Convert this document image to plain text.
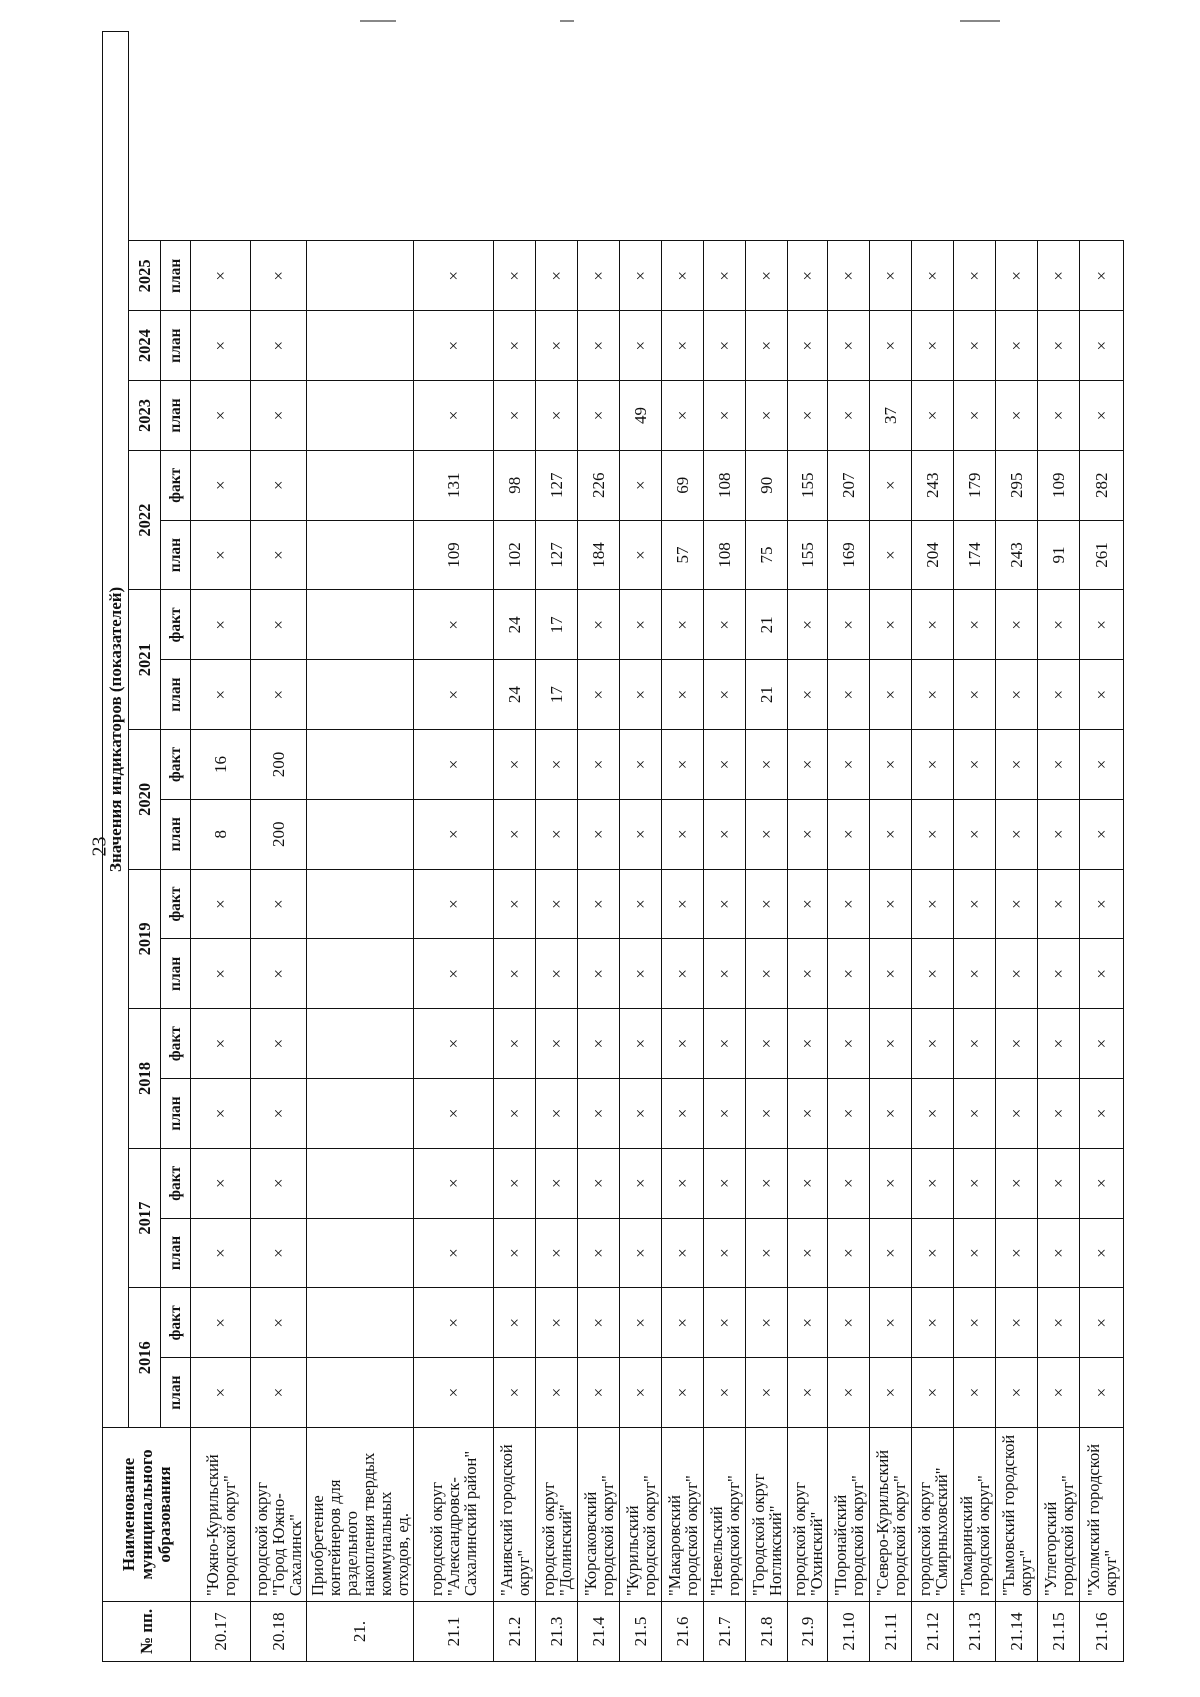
23
№ пп.	Наименование муниципального образования	Значения индикаторов (показателей)																
		2016		2017		2018		2019		2020		2021		2022		2023	2024	2025
		план	факт	план	факт	план	факт	план	факт	план	факт	план	факт	план	факт	план	план	план
20.17	"Южно-Курильский городской округ"	×	×	×	×	×	×	×	×	8	16	×	×	×	×	×	×	×
20.18	городской округ "Город Южно-Сахалинск"	×	×	×	×	×	×	×	×	200	200	×	×	×	×	×	×	×
21.	Приобретение контейнеров для раздельного накопления твердых коммунальных отходов, ед.																	
21.1	городской округ "Александровск-Сахалинский район"	×	×	×	×	×	×	×	×	×	×	×	×	109	131	×	×	×
21.2	"Анивский городской округ"	×	×	×	×	×	×	×	×	×	×	24	24	102	98	×	×	×
21.3	городской округ "Долинский"	×	×	×	×	×	×	×	×	×	×	17	17	127	127	×	×	×
21.4	"Корсаковский городской округ"	×	×	×	×	×	×	×	×	×	×	×	×	184	226	×	×	×
21.5	"Курильский городской округ"	×	×	×	×	×	×	×	×	×	×	×	×	×	×	49	×	×
21.6	"Макаровский городской округ"	×	×	×	×	×	×	×	×	×	×	×	×	57	69	×	×	×
21.7	"Невельский городской округ"	×	×	×	×	×	×	×	×	×	×	×	×	108	108	×	×	×
21.8	"Городской округ Ногликский"	×	×	×	×	×	×	×	×	×	×	21	21	75	90	×	×	×
21.9	городской округ "Охинский"	×	×	×	×	×	×	×	×	×	×	×	×	155	155	×	×	×
21.10	"Поронайский городской округ"	×	×	×	×	×	×	×	×	×	×	×	×	169	207	×	×	×
21.11	"Северо-Курильский городской округ"	×	×	×	×	×	×	×	×	×	×	×	×	×	×	37	×	×
21.12	городской округ "Смирныховский"	×	×	×	×	×	×	×	×	×	×	×	×	204	243	×	×	×
21.13	"Томаринский городской округ"	×	×	×	×	×	×	×	×	×	×	×	×	174	179	×	×	×
21.14	"Тымовский городской округ"	×	×	×	×	×	×	×	×	×	×	×	×	243	295	×	×	×
21.15	"Углегорский городской округ"	×	×	×	×	×	×	×	×	×	×	×	×	91	109	×	×	×
21.16	"Холмский городской округ"	×	×	×	×	×	×	×	×	×	×	×	×	261	282	×	×	×
